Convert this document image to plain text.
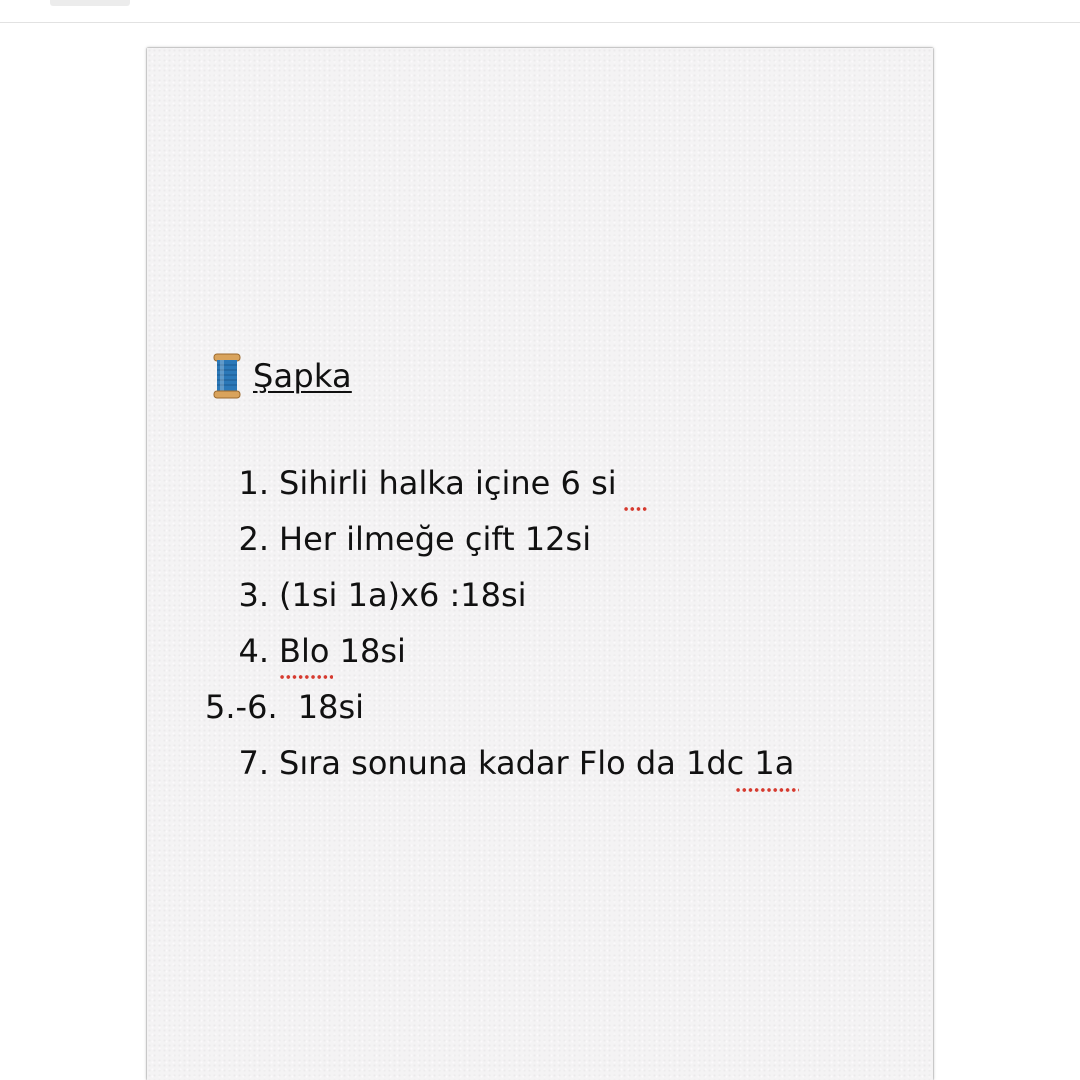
Şapka
1. Sihirli halka içine 6 si
2. Her ilmeğe çift 12si
3. (1si 1a)x6 :18si
4. Blo 18si
5.-6. 18si
7. Sıra sonuna kadar Flo da 1dc 1a
